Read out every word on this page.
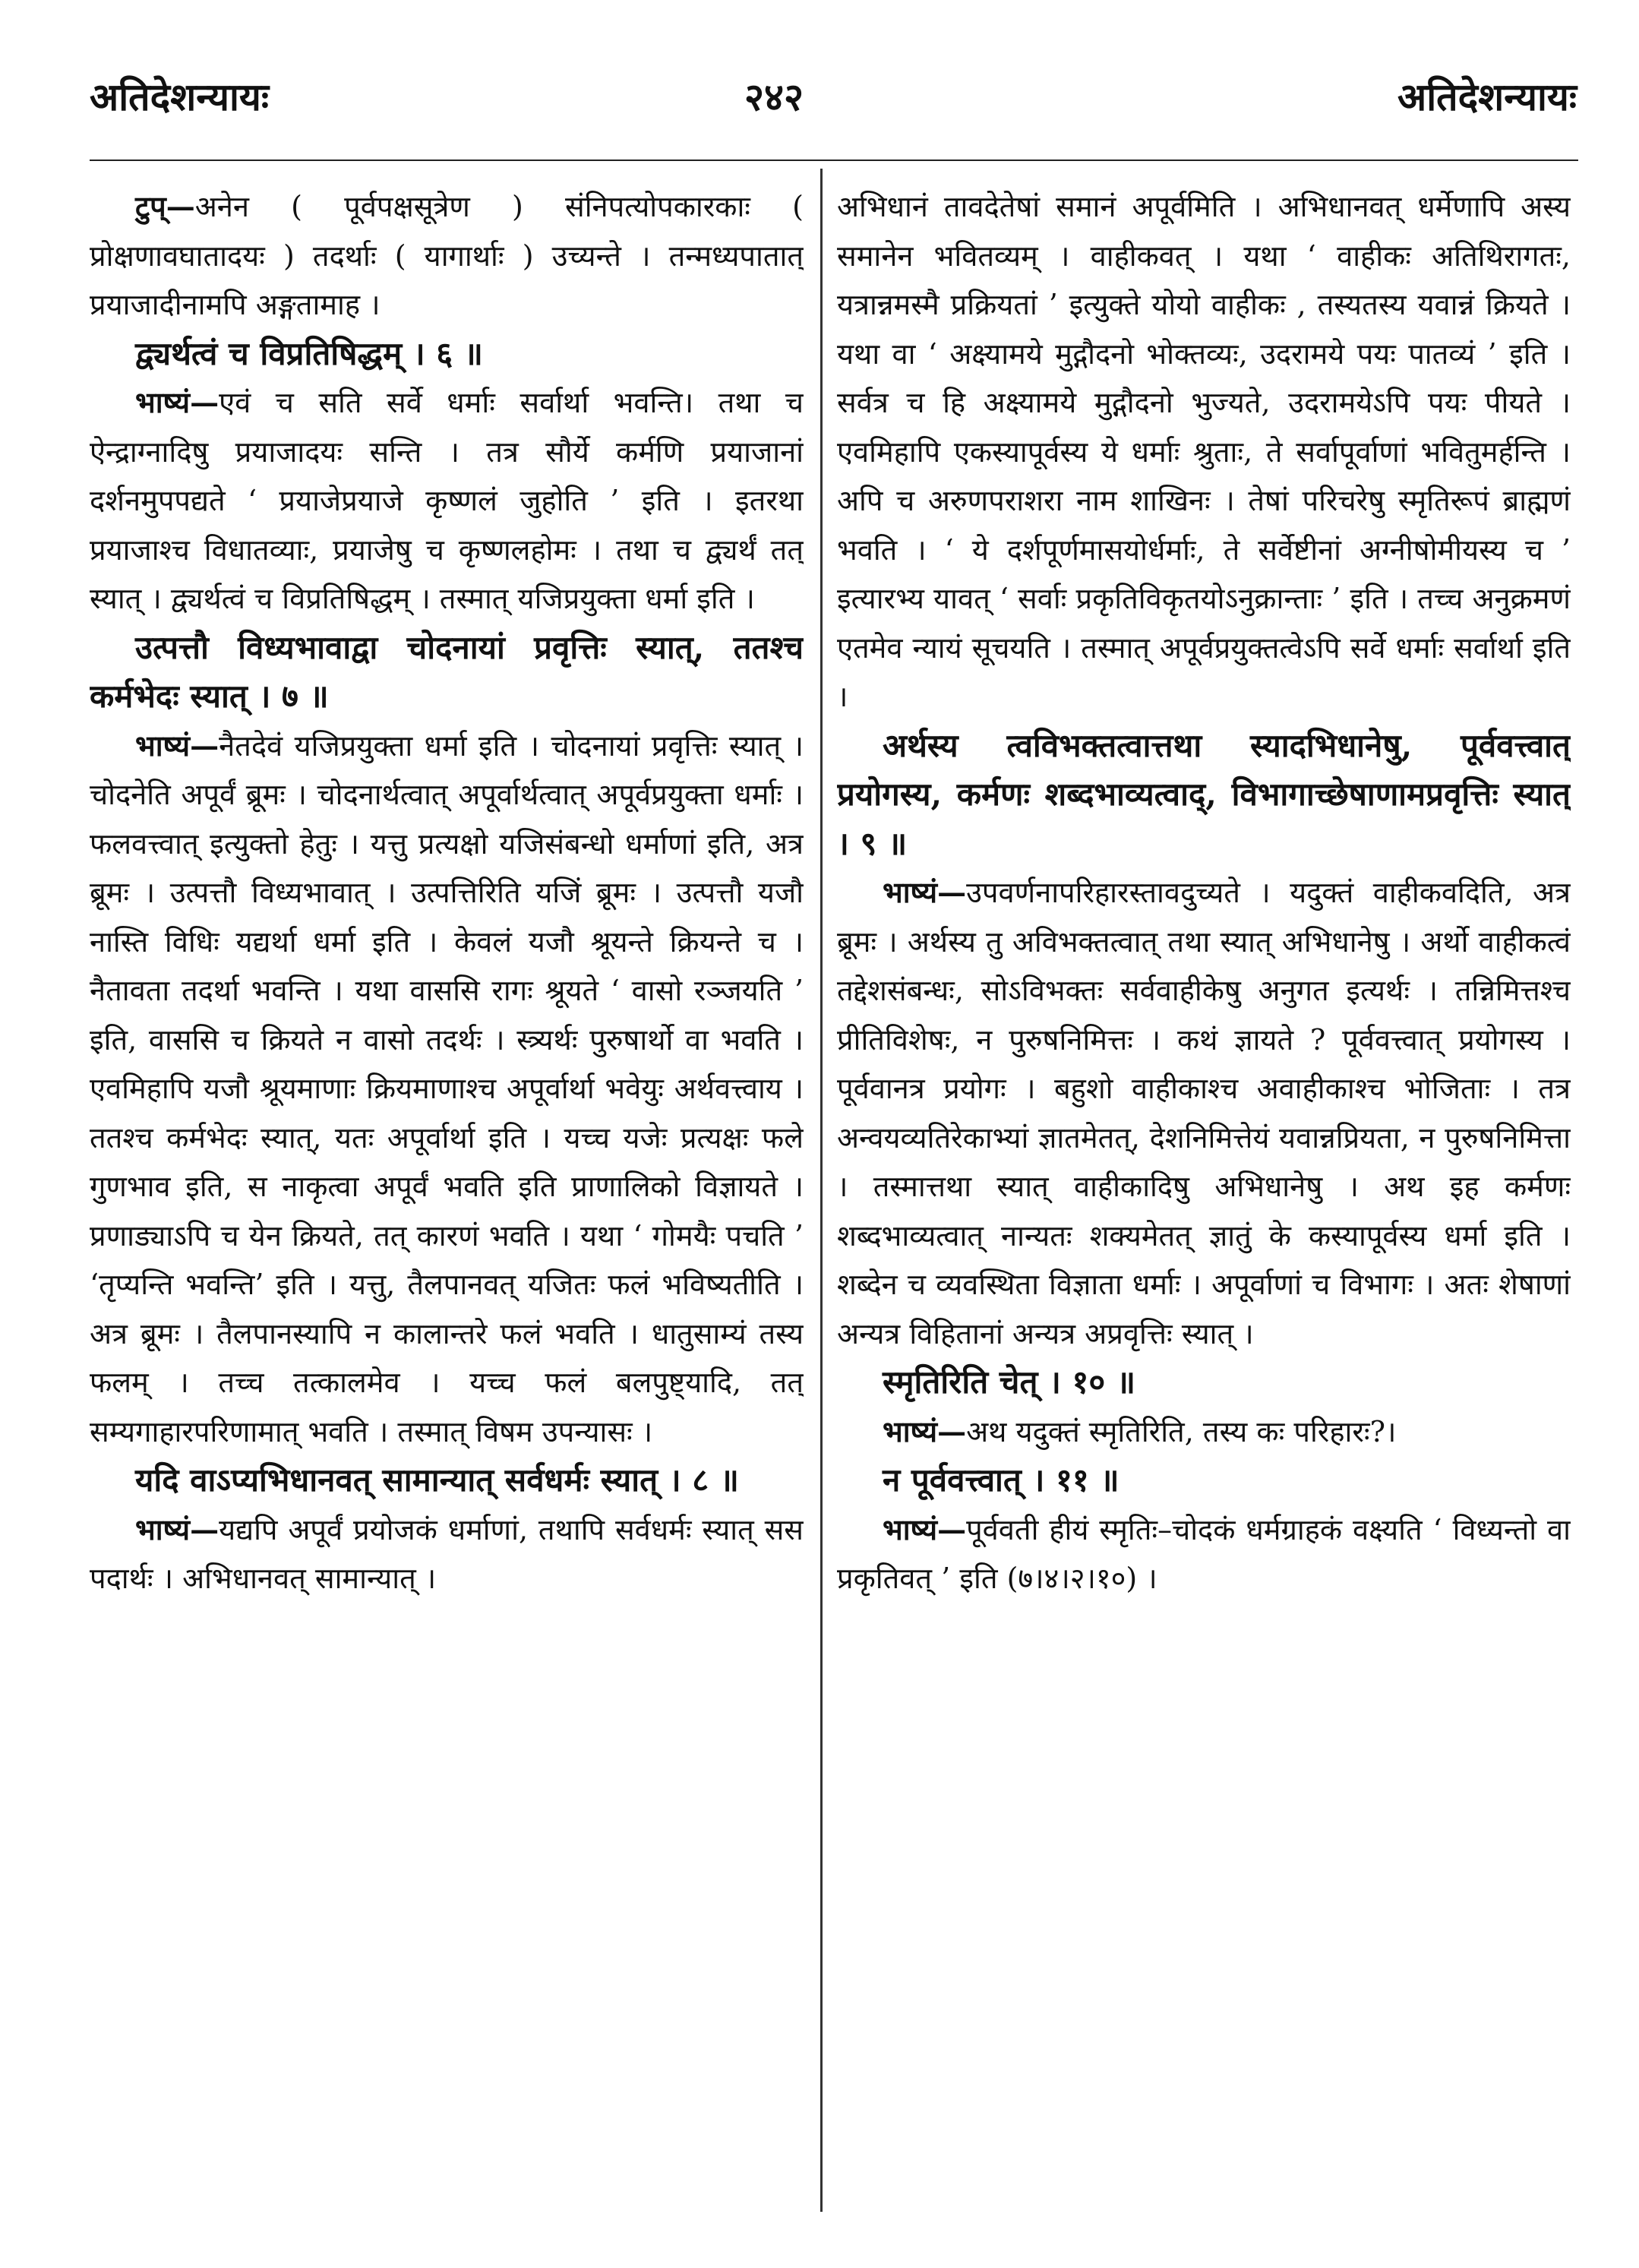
अतिदेशन्यायः	२४२	अतिदेशन्यायः

टुप्‌—अनेन ( पूर्वपक्षसूत्रेण ) संनिपत्योपकारकाः ( प्रोक्षणावघातादयः ) तदर्थाः ( यागार्थाः ) उच्यन्ते । तन्मध्यपातात्‌ प्रयाजादीनामपि अङ्गतामाह ।

द्व्यर्थत्वं च विप्रतिषिद्धम्‌ । ६ ॥

भाष्यं—एवं च सति सर्वे धर्माः सर्वार्था भवन्ति। तथा च ऐन्द्राग्नादिषु प्रयाजादयः सन्ति । तत्र सौर्ये कर्मणि प्रयाजानां दर्शनमुपपद्यते ‘ प्रयाजेप्रयाजे कृष्णलं जुहोति ’ इति । इतरथा प्रयाजाश्च विधातव्याः, प्रयाजेषु च कृष्णलहोमः । तथा च द्व्यर्थं तत्‌ स्यात्‌ । द्व्यर्थत्वं च विप्रतिषिद्धम्‌ । तस्मात्‌ यजिप्रयुक्ता धर्मा इति ।

उत्पत्तौ विध्यभावाद्वा चोदनायां प्रवृत्तिः स्यात्‌, ततश्च कर्मभेदः स्यात्‌ । ७ ॥

भाष्यं—नैतदेवं यजिप्रयुक्ता धर्मा इति । चोदनायां प्रवृत्तिः स्यात्‌ । चोदनेति अपूर्वं ब्रूमः । चोदनार्थत्वात्‌ अपूर्वार्थत्वात्‌ अपूर्वप्रयुक्ता धर्माः । फलवत्त्वात्‌ इत्युक्तो हेतुः । यत्तु प्रत्यक्षो यजिसंबन्धो धर्माणां इति, अत्र ब्रूमः । उत्पत्तौ विध्यभावात्‌ । उत्पत्तिरिति यजिं ब्रूमः । उत्पत्तौ यजौ नास्ति विधिः यद्यर्था धर्मा इति । केवलं यजौ श्रूयन्ते क्रियन्ते च । नैतावता तदर्था भवन्ति । यथा वाससि रागः श्रूयते ‘ वासो रञ्जयति ’ इति, वाससि च क्रियते न वासो तदर्थः । स्त्र्यर्थः पुरुषार्थो वा भवति । एवमिहापि यजौ श्रूयमाणाः क्रियमाणाश्च अपूर्वार्था भवेयुः अर्थवत्त्वाय । ततश्च कर्मभेदः स्यात्‌, यतः अपूर्वार्था इति । यच्च यजेः प्रत्यक्षः फले गुणभाव इति, स नाकृत्वा अपूर्वं भवति इति प्राणालिको विज्ञायते । प्रणाड्याऽपि च येन क्रियते, तत्‌ कारणं भवति । यथा ‘ गोमयैः पचति ’ ‘तृप्यन्ति भवन्ति’ इति । यत्तु, तैलपानवत्‌ यजितः फलं भविष्यतीति । अत्र ब्रूमः । तैलपानस्यापि न कालान्तरे फलं भवति । धातुसाम्यं तस्य फलम्‌ । तच्च तत्कालमेव । यच्च फलं बलपुष्ट्यादि, तत्‌ सम्यगाहारपरिणामात्‌ भवति । तस्मात्‌ विषम उपन्यासः ।

यदि वाऽप्यभिधानवत्‌ सामान्यात्‌ सर्वधर्मः स्यात्‌ । ८ ॥

भाष्यं—यद्यपि अपूर्वं प्रयोजकं धर्माणां, तथापि सर्वधर्मः स्यात्‌ सस पदार्थः । अभिधानवत्‌ सामान्यात्‌ ।

अभिधानं तावदेतेषां समानं अपूर्वमिति । अभिधानवत्‌ धर्मेणापि अस्य समानेन भवितव्यम्‌ । वाहीकवत्‌ । यथा ‘ वाहीकः अतिथिरागतः, यत्रान्नमस्मै प्रक्रियतां ’ इत्युक्ते योयो वाहीकः , तस्यतस्य यवान्नं क्रियते । यथा वा ‘ अक्ष्यामये मुद्गौदनो भोक्तव्यः, उदरामये पयः पातव्यं ’ इति । सर्वत्र च हि अक्ष्यामये मुद्गौदनो भुज्यते, उदरामयेऽपि पयः पीयते । एवमिहापि एकस्यापूर्वस्य ये धर्माः श्रुताः, ते सर्वापूर्वाणां भवितुमर्हन्ति । अपि च अरुणपराशरा नाम शाखिनः । तेषां परिचरेषु स्मृतिरूपं ब्राह्मणं भवति । ‘ ये दर्शपूर्णमासयोर्धर्माः, ते सर्वेष्टीनां अग्नीषोमीयस्य च ’ इत्यारभ्य यावत्‌ ‘ सर्वाः प्रकृतिविकृतयोऽनुक्रान्ताः ’ इति । तच्च अनुक्रमणं एतमेव न्यायं सूचयति । तस्मात्‌ अपूर्वप्रयुक्तत्वेऽपि सर्वे धर्माः सर्वार्था इति ।

अर्थस्य त्वविभक्तत्वात्तथा स्यादभिधानेषु, पूर्ववत्त्वात्‌ प्रयोगस्य, कर्मणः शब्दभाव्यत्वाद्‌, विभागाच्छेषाणामप्रवृत्तिः स्यात्‌ । ९ ॥

भाष्यं—उपवर्णनापरिहारस्तावदुच्यते । यदुक्तं वाहीकवदिति, अत्र ब्रूमः । अर्थस्य तु अविभक्तत्वात्‌ तथा स्यात्‌ अभिधानेषु । अर्थो वाहीकत्वं तद्देशसंबन्धः, सोऽविभक्तः सर्ववाहीकेषु अनुगत इत्यर्थः । तन्निमित्तश्च प्रीतिविशेषः, न पुरुषनिमित्तः । कथं ज्ञायते ? पूर्ववत्त्वात्‌ प्रयोगस्य । पूर्ववानत्र प्रयोगः । बहुशो वाहीकाश्च अवाहीकाश्च भोजिताः । तत्र अन्वयव्यतिरेकाभ्यां ज्ञातमेतत्‌, देशनिमित्तेयं यवान्नप्रियता, न पुरुषनिमित्ता । तस्मात्तथा स्यात्‌ वाहीकादिषु अभिधानेषु । अथ इह कर्मणः शब्दभाव्यत्वात्‌ नान्यतः शक्यमेतत्‌ ज्ञातुं के कस्यापूर्वस्य धर्मा इति । शब्देन च व्यवस्थिता विज्ञाता धर्माः । अपूर्वाणां च विभागः । अतः शेषाणां अन्यत्र विहितानां अन्यत्र अप्रवृत्तिः स्यात्‌ ।

स्मृतिरिति चेत्‌ । १० ॥

भाष्यं—अथ यदुक्तं स्मृतिरिति, तस्य कः परिहारः?।

न पूर्ववत्त्वात्‌ । ११ ॥

भाष्यं—पूर्ववती हीयं स्मृतिः–चोदकं धर्मग्राहकं वक्ष्यति ‘ विध्यन्तो वा प्रकृतिवत्‌ ’ इति (७।४।२।१०) ।
